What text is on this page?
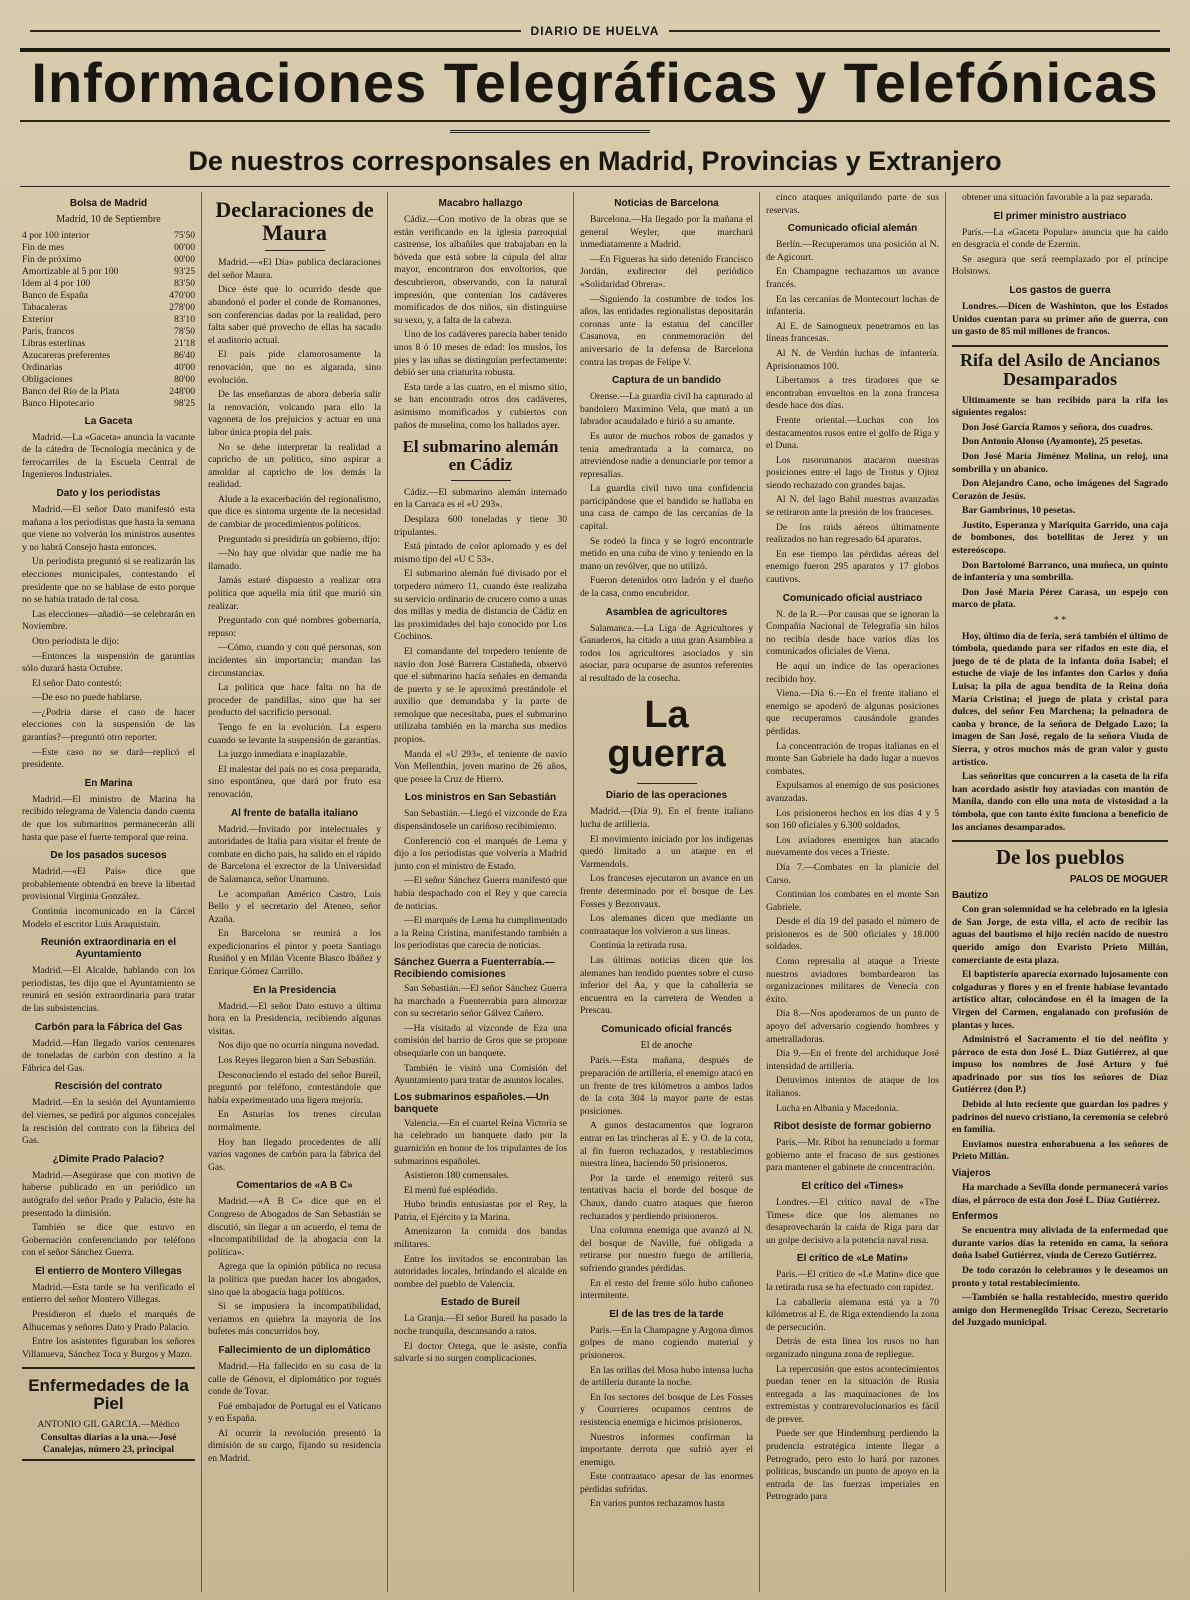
DIARIO DE HUELVA
Informaciones Telegráficas y Telefónicas
De nuestros corresponsales en Madrid, Provincias y Extranjero
Bolsa de Madrid
Madrid, 10 de Septiembre
4 por 100 interior	75'50
Fin de mes	00'00
Fin de próximo	00'00
Amortizable al 5 por 100	93'25
Idem al 4 por 100	83'50
Banco de España	470'00
Tabacaleras	278'00
Exterior	83'10
París, francos	78'50
Libras esterlinas	21'18
Azucareras preferentes	86'40
Ordinarias	40'00
Obligaciones	80'00
Banco del Río de la Plata	248'00
Banco Hipotecario	98'25
La Gaceta

Madrid.—La «Gaceta» anuncia la vacante de la cátedra de Tecnología mecánica y de ferrocarriles de la Escuela Central de Ingenieros Industriales.

Dato y los periodistas

Madrid.—El señor Dato manifestó esta mañana a los periodistas que hasta la semana que viene no volverán los ministros ausentes y no habrá Consejo hasta entonces.

Un periodista preguntó si se realizarán las elecciones municipales, contestando el presidente que no se hablase de esto porque no se había tratado de tal cosa.

Las elecciones—añadió—se celebrarán en Noviembre.

Otro periodista le dijo:

—Entonces la suspensión de garantías sólo durará hasta Octubre.

El señor Dato contestó:

—De eso no puede hablarse.

—¿Podría darse el caso de hacer elecciones con la suspensión de las garantías?—preguntó otro reporter.

—Este caso no se dará—replicó el presidente.

En Marina

Madrid.—El ministro de Marina ha recibido telegrama de Valencia dando cuenta de que los submarinos permanecerán allí hasta que pase el fuerte temporal que reina.

De los pasados sucesos

Madrid.—«El País» dice que probablemente obtendrá en breve la libertad provisional Virginia González.

Continúa incomunicado en la Cárcel Modelo el escritor Luis Araquistain.

Reunión extraordinaria en el Ayuntamiento

Madrid.—El Alcalde, hablando con los periodistas, les dijo que el Ayuntamiento se reunirá en sesión extraordinaria para tratar de las subsistencias.

Carbón para la Fábrica del Gas

Madrid.—Han llegado varios centenares de toneladas de carbón con destino a la Fábrica del Gas.

Rescisión del contrato

Madrid.—En la sesión del Ayuntamiento del viernes, se pedirá por algunos concejales la rescisión del contrato con la fábrica del Gas.

¿Dimite Prado Palacio?

Madrid.—Asegúrase que con motivo de haberse publicado en un periódico un autógrafo del señor Prado y Palacio, éste ha presentado la dimisión.

También se dice que estuvo en Gobernación conferenciando por teléfono con el señor Sánchez Guerra.

El entierro de Montero Villegas

Madrid.—Esta tarde se ha verificado el entierro del señor Montero Villegas.

Presidieron el duelo el marqués de Alhucemas y señores Dato y Prado Palacio.

Entre los asistentes figuraban los señores Villanueva, Sánchez Toca y Burgos y Mazo.

Enfermedades de la Piel
ANTONIO GIL GARCIA.—Médico
Consultas diarias a la una.—José Canalejas, número 23, principal
Declaraciones de Maura

Madrid.—«El Día» publica declaraciones del señor Maura.

Dice éste que lo ocurrido desde que abandonó el poder el conde de Romanones, son conferencias dadas por la realidad, pero falta saber qué provecho de ellas ha sacado el auditorio actual.

El país pide clamorosamente la renovación, que no es algarada, sino evolución.

De las enseñanzas de ahora debería salir la renovación, volcando para ello la vagoneta de los prejuicios y actuar en una labor única propia del país.

No se debe interpretar la realidad a capricho de un político, sino aspirar a amoldar al capricho de los demás la realidad.

Alude a la exacerbación del regionalismo, que dice es síntoma urgente de la necesidad de cambiar de procedimientos políticos.

Preguntado si presidiría un gobierno, dijo:

—No hay que olvidar que nadie me ha llamado.

Jamás estaré dispuesto a realizar otra política que aquella mía útil que murió sin realizar.

Preguntado con qué nombres gobernaría, repuso:

—Cómo, cuando y con qué personas, son incidentes sin importancia; mandan las circunstancias.

La política que hace falta no ha de proceder de pandillas, sino que ha ser producto del sacrificio personal.

Tengo fe en la evolución. La espero cuando se levante la suspensión de garantías.

La juzgo inmediata e inaplazable.

El malestar del país no es cosa preparada, sino espontánea, que dará por fruto esa renovación.

Al frente de batalla italiano

Madrid.—Invitado por intelectuales y autoridades de Italia para visitar el frente de combate en dicho país, ha salido en el rápido de Barcelona el exrector de la Universidad de Salamanca, señor Unamuno.

Le acompañan Américo Castro, Luis Bello y el secretario del Ateneo, señor Azaña.

En Barcelona se reunirá a los expedicionarios el pintor y poeta Santiago Rusiñol y en Milán Vicente Blasco Ibáñez y Enrique Gómez Carrillo.

En la Presidencia

Madrid.—El señor Dato estuvo a última hora en la Presidencia, recibiendo algunas visitas.

Nos dijo que no ocurría ninguna novedad.

Los Reyes llegaron bien a San Sebastián.

Desconociendo el estado del señor Bureil, preguntó por teléfono, contestándole que había experimentado una ligera mejoría.

En Asturias los trenes circulan normalmente.

Hoy han llegado procedentes de allí varios vagones de carbón para la fábrica del Gas.

Comentarios de «A B C»

Madrid.—«A B C» dice que en el Congreso de Abogados de San Sebastián se discutió, sin llegar a un acuerdo, el tema de «Incompatibilidad de la abogacía con la política».

Agrega que la opinión pública no recusa la política que puedan hacer los abogados, sino que la abogacía haga políticos.

Si se impusiera la incompatibilidad, veríamos en quiebra la mayoría de los bufetes más concurridos hoy.

Fallecimiento de un diplomático

Madrid.—Ha fallecido en su casa de la calle de Génova, el diplomático por togués conde de Tovar.

Fué embajador de Portugal en el Vaticano y en España.

Al ocurrir la revolución presentó la dimisión de su cargo, fijando su residencia en Madrid.

Macabro hallazgo

Cádiz.—Con motivo de la obras que se están verificando en la iglesia parroquial castrense, los albañiles que trabajaban en la bóveda que está sobre la cúpula del altar mayor, encontraron dos envoltorios, que descubrieron, observando, con la natural impresión, que contenían los cadáveres momificados de dos niños, sin distinguirse su sexo, y, a falta de la cabeza.

Uno de los cadáveres parecía haber tenido unos 8 ó 10 meses de edad: los muslos, los pies y las uñas se distinguían perfectamente: debió ser una criaturita robusta.

Esta tarde a las cuatro, en el mismo sitio, se han encontrado otros dos cadáveres, asimismo momificados y cubiertos con paños de muselina, como los hallados ayer.

El submarino alemán en Cádiz

Cádiz.—El submarino alemán internado en la Carraca es el «U 293».

Desplaza 600 toneladas y tiene 30 tripulantes.

Está pintado de color aplomado y es del mismo tipo del «U C 53».

El submarino alemán fué divisado por el torpedero número 11, cuando éste realizaba su servicio ordinario de crucero como a unas dos millas y media de distancia de Cádiz en las proximidades del bajo conocido por Los Cochinos.

El comandante del torpedero teniente de navío don José Barrera Castañeda, observó que el submarino hacía señales en demanda de puerto y se le aproximó prestándole el auxilio que demandaba y la parte de remolque que necesitaba, pues el submarino utilizaba también en la marcha sus medios propios.

Manda el «U 293», el teniente de navío Von Mellenthin, joven marino de 26 años, que posee la Cruz de Hierro.

Los ministros en San Sebastián

San Sebastián.—Llegó el vizconde de Eza dispensándosele un cariñoso recibimiento.

Conferenció con el marqués de Lema y dijo a los periodistas que volvería a Madrid junto con el ministro de Estado.

—El señor Sánchez Guerra manifestó que había despachado con el Rey y que carecía de noticias.

—El marqués de Lema ha cumplimentado a la Reina Cristina, manifestando también a los periodistas que carecía de noticias.

Sánchez Guerra a Fuenterrabía.—Recibiendo comisiones

San Sebastián.—El señor Sánchez Guerra ha marchado a Fuenterrabía para almorzar con su secretario señor Gálvez Cañero.

—Ha visitado al vizconde de Eza una comisión del barrio de Gros que se propone obsequiarle con un banquete.

También le visitó una Comisión del Ayuntamiento para tratar de asuntos locales.

Los submarinos españoles.—Un banquete

Valencia.—En el cuartel Reina Victoria se ha celebrado un banquete dado por la guarnición en honor de los tripulantes de los submarinos españoles.

Asistieron 180 comensales.

El menú fué espléndido.

Hubo brindis entusiastas por el Rey, la Patria, el Ejército y la Marina.

Amenizaron la comida dos bandas militares.

Entre los invitados se encontraban las autoridades locales, brindando el alcalde en nombre del pueblo de Valencia.

Estado de Bureil

La Granja.—El señor Bureil ha pasado la noche tranquila, descansando a ratos.

El doctor Ortega, que le asiste, confía salvarle si no surgen complicaciones.

Noticias de Barcelona

Barcelona.—Ha llegado por la mañana el general Weyler, que marchará inmediatamente a Madrid.

—En Figueras ha sido detenido Francisco Jordán, exdirector del periódico «Solidaridad Obrera».

—Siguiendo la costumbre de todos los años, las entidades regionalistas depositarán coronas ante la estatua del canciller Casanova, en conmemoración del aniversario de la defensa de Barcelona contra las tropas de Felipe V.

Captura de un bandido

Orense.—La guardia civil ha capturado al bandolero Maximino Vela, que mató a un labrador acaudalado e hirió a su amante.

Es autor de muchos robos de ganados y tenía amedrantada a la comarca, no atreviéndose nadie a denunciarle por temor a represalias.

La guardia civil tuvo una confidencia participándose que el bandido se hallaba en una casa de campo de las cercanías de la capital.

Se rodeó la finca y se logró encontrarle metido en una cuba de vino y teniendo en la mano un revólver, que no utilizó.

Fueron detenidos otro ladrón y el dueño de la casa, como encubridor.

Asamblea de agricultores

Salamanca.—La Liga de Agricultores y Ganaderos, ha citado a una gran Asamblea a todos los agricultores asociados y sin asociar, para ocuparse de asuntos referentes al resultado de la cosecha.

La guerra
Diario de las operaciones

Madrid.—(Día 9). En el frente italiano lucha de artillería.

El movimiento iniciado por los indígenas quedó limitado a un ataque en el Varmendols.

Los franceses ejecutaron un avance en un frente determinado por el bosque de Les Fosses y Bezonvaux.

Los alemanes dicen que mediante un contraataque los volvieron a sus líneas.

Continúa la retirada rusa.

Las últimas noticias dicen que los alemanes han tendido puentes sobre el curso inferior del Aa, y que la caballería se encuentra en la carretera de Wenden a Prescau.

Comunicado oficial francés
El de anoche

París.—Esta mañana, después de preparación de artillería, el enemigo atacó en un frente de tres kilómetros a ambos lados de la cota 304 la mayor parte de estas posiciones.

A gunos destacamentos que lograron entrar en las trincheras al E. y O. de la cota, al fin fueron rechazados, y restablecimos nuestra línea, haciendo 50 prisioneros.

Por la tarde el enemigo reiteró sus tentativas hacia el borde del bosque de Chaux, dando cuatro ataques que fueron rechazados y perdiendo prisioneros.

Una columna enemiga que avanzó al N. del bosque de Naville, fué obligada a retirarse por nuestro fuego de artillería, sufriendo grandes pérdidas.

En el resto del frente sólo hubo cañoneo intermitente.

El de las tres de la tarde

París.—En la Champagne y Argona dimos golpes de mano cogiendo material y prisioneros.

En las orillas del Mosa hubo intensa lucha de artillería durante la noche.

En los sectores del bosque de Les Fosses y Courrieres ocupamos centros de resistencia enemiga e hicimos prisioneros.

Nuestros informes confirman la importante derrota que sufrió ayer el enemigo.

Este contraataco apesar de las enormes pérdidas sufridas.

En varios puntos rechazamos hasta

cinco ataques aniquilando parte de sus reservas.

Comunicado oficial alemán

Berlín.—Recuperamos una posición al N. de Agicourt.

En Champagne rechazamos un avance francés.

En las cercanías de Montecourt luchas de infantería.

Al E. de Samogneux penetramos en las líneas francesas.

Al N. de Verdún luchas de infantería. Aprisionamos 100.

Libertamos a tres tiradores que se encontraban envueltos en la zona francesa desde hace dos días.

Frente oriental.—Luchas con los destacamentos rusos entre el golfo de Riga y el Duna.

Los rusorumanos atacaron nuestras posiciones entre el lago de Trotus y Ojtoz siendo rechazado con grandes bajas.

Al N. del lago Babil nuestras avanzadas se retiraron ante la presión de los franceses.

De los raids aéreos últimamente realizados no han regresado 64 aparatos.

En ese tiempo las pérdidas aéreas del enemigo fueron 295 aparatos y 17 globos cautivos.

Comunicado oficial austriaco

N. de la R.—Por causas que se ignoran la Compañía Nacional de Telegrafía sin hilos no recibía desde hace varios días los comunicados oficiales de Viena.

He aquí un índice de las operaciones recibido hoy.

Viena.—Día 6.—En el frente italiano el enemigo se apoderó de algunas posiciones que recuperamos causándole grandes pérdidas.

La concentración de tropas italianas en el monte San Gabriele ha dado lugar a nuevos combates.

Expulsamos al enemigo de sus posiciones avanzadas.

Los prisioneros hechos en los días 4 y 5 son 160 oficiales y 6.300 soldados.

Los aviadores enemigos han atacado nuevamente dos veces a Trieste.

Día 7.—Combates en la planicie del Carso.

Continúan los combates en el monte San Gabriele.

Desde el día 19 del pasado el número de prisioneros es de 500 oficiales y 18.000 soldados.

Como represalia al ataque a Trieste nuestros aviadores bombardearon las organizaciones militares de Venecia con éxito.

Día 8.—Nos apoderamos de un punto de apoyo del adversario cogiendo hombres y ametralladoras.

Día 9.—En el frente del archiduque José intensidad de artillería.

Detuvimos intentos de ataque de los italianos.

Lucha en Albania y Macedonia.

Ribot desiste de formar gobierno

París.—Mr. Ribot ha renunciado a formar gobierno ante el fracaso de sus gestiones para mantener el gabinete de concentración.

El crítico del «Times»

Londres.—El crítico naval de «The Times» dice que los alemanes no desaprovecharán la caída de Riga para dar un golpe decisivo a la potencia naval rusa.

El crítico de «Le Matin»

París.—El crítico de «Le Matin» dice que la retirada rusa se ha efectuado con rapidez.

La caballería alemana está ya a 70 kilómetros al E. de Riga extendiendo la zona de persecución.

Detrás de esta línea los rusos no han organizado ninguna zona de repliegue.

La repercusión que estos acontecimientos puedan tener en la situación de Rusia entregada a las maquinaciones de los extremistas y contrarevolucionarios es fácil de prever.

Puede ser que Hindemburg perdiendo la prudencia estratégica intente llegar a Petrogrado, pero esto lo hará por razones políticas, buscando un punto de apoyo en la entrada de las fuerzas imperiales en Petrogrado para

obtener una situación favorable a la paz separada.

El primer ministro austriaco

París.—La «Gaceta Popular» anuncia que ha caído en desgracia el conde de Ezernin.

Se asegura que será reemplazado por el príncipe Holstows.

Los gastos de guerra

Londres.—Dicen de Washinton, que los Estados Unidos cuentan para su primer año de guerra, con un gasto de 85 mil millones de francos.

Rifa del Asilo de Ancianos Desamparados

Ultimamente se han recibido para la rifa los siguientes regalos:

Don José García Ramos y señora, dos cuadros.

Don Antonio Alonso (Ayamonte), 25 pesetas.

Don José María Jiménez Molina, un reloj, una sombrilla y un abanico.

Don Alejandro Cano, ocho imágenes del Sagrado Corazón de Jesús.

Bar Gambrinus, 10 pesetas.

Justito, Esperanza y Mariquita Garrido, una caja de bombones, dos botellitas de Jerez y un estereóscopo.

Don Bartolomé Barranco, una muñeca, un quinto de infantería y una sombrilla.

Don José María Pérez Carasa, un espejo con marco de plata.

* *

Hoy, último día de feria, será también el último de tómbola, quedando para ser rifados en este día, el juego de té de plata de la infanta doña Isabel; el estuche de viaje de los infantes don Carlos y doña Luisa; la pila de agua bendita de la Reina doña María Cristina; el juego de plata y cristal para dulces, del señor Feu Marchena; la pelnadora de caoba y bronce, de la señora de Delgado Lazo; la imagen de San José, regalo de la señora Viuda de Sierra, y otros muchos más de gran valor y gusto artístico.

Las señoritas que concurren a la caseta de la rifa han acordado asistir hoy ataviadas con mantón de Manila, dando con ello una nota de vistosidad a la tómbola, que con tanto éxito funciona a beneficio de los ancianos desamparados.

De los pueblos
PALOS DE MOGUER
Bautizo

Con gran solemnidad se ha celebrado en la iglesia de San Jorge, de esta villa, el acto de recibir las aguas del bautismo el hijo recién nacido de nuestro querido amigo don Evaristo Prieto Millán, comerciante de esta plaza.

El baptisterio aparecía exornado lujosamente con colgaduras y flores y en el frente habíase levantado artístico altar, colocándose en él la imagen de la Virgen del Carmen, engalanado con profusión de plantas y luces.

Administró el Sacramento el tío del neófito y párroco de esta don José L. Díaz Gutiérrez, al que impuso los nombres de José Arturo y fué apadrinado por sus tíos los señores de Díaz Gutiérrez (don P.)

Debido al luto reciente que guardan los padres y padrinos del nuevo cristiano, la ceremonia se celebró en familia.

Enviamos nuestra enhorabuena a los señores de Prieto Millán.

Viajeros

Ha marchado a Sevilla donde permanecerá varios días, el párroco de esta don José L. Díaz Gutiérrez.

Enfermos

Se encuentra muy aliviada de la enfermedad que durante varios días la retenido en cama, la señora doña Isabel Gutiérrez, viuda de Cerezo Gutiérrez.

De todo corazón lo celebramos y le deseamos un pronto y total restablecimiento.

—También se halla restablecido, nuestro querido amigo don Hermenegildo Trisac Cerezo, Secretario del Juzgado municipal.
